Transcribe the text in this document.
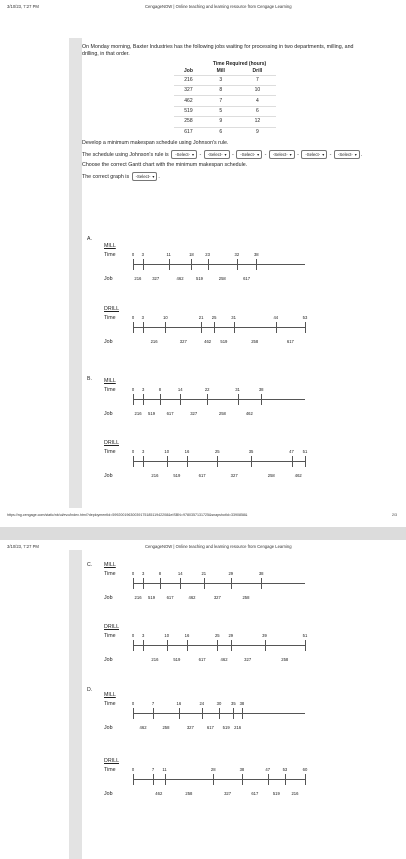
3/10/23, 7:27 PM	CengageNOW | Online teaching and learning resource from Cengage Learning

On Monday morning, Baxter Industries has the following jobs waiting for processing in two departments, milling, and drilling, in that order.

	Time Required (hours)	
Job	Mill	Drill
216	3	7
327	8	10
462	7	4
519	5	6
258	9	12
617	6	9
Develop a minimum makespan schedule using Johnson's rule.
The schedule using Johnson's rule is -Select- ▾ - -Select- ▾ - -Select- ▾ - -Select- ▾ - -Select- ▾ - -Select- ▾ .
Choose the correct Gantt chart with the minimum makespan schedule.
The correct graph is -Select- ▾ .
A.
MILL
Time
Job
0 3	11	18	23	32	38
216	327	462	519	258	617
DRILL
Time
Job
0 3	10	21 25	31	44	53
216	327	462 519	258	617
B. MILL
Time
Job
0 3	8	14	22	31	38
216 519	617	327	258	462
DRILL
Time
Job
0 3	10	16	25	35	47 51
216	519	617	327	258	462
https://ng.cengage.com/static/nb/ui/evo/index.html?deploymentId=5992001963003917518511942208&eISBN=9780357131725&snapshotId=3390858&	2/3
3/10/23, 7:27 PM	CengageNOW | Online teaching and learning resource from Cengage Learning
C. MILL
Time
Job
0 3	8	14	21	29	38
216 519	617	462	327	258
DRILL
Time
Job
0 3	10	16	25 29	39	51
216	519	617	462	327	258
D.
MILL
Time
Job
0	7	16	24	30 35 38
462	258	327	617 519 216
DRILL
Time
Job
0	7 11	28	38	47	53	60
462	258	327	617	519	216
